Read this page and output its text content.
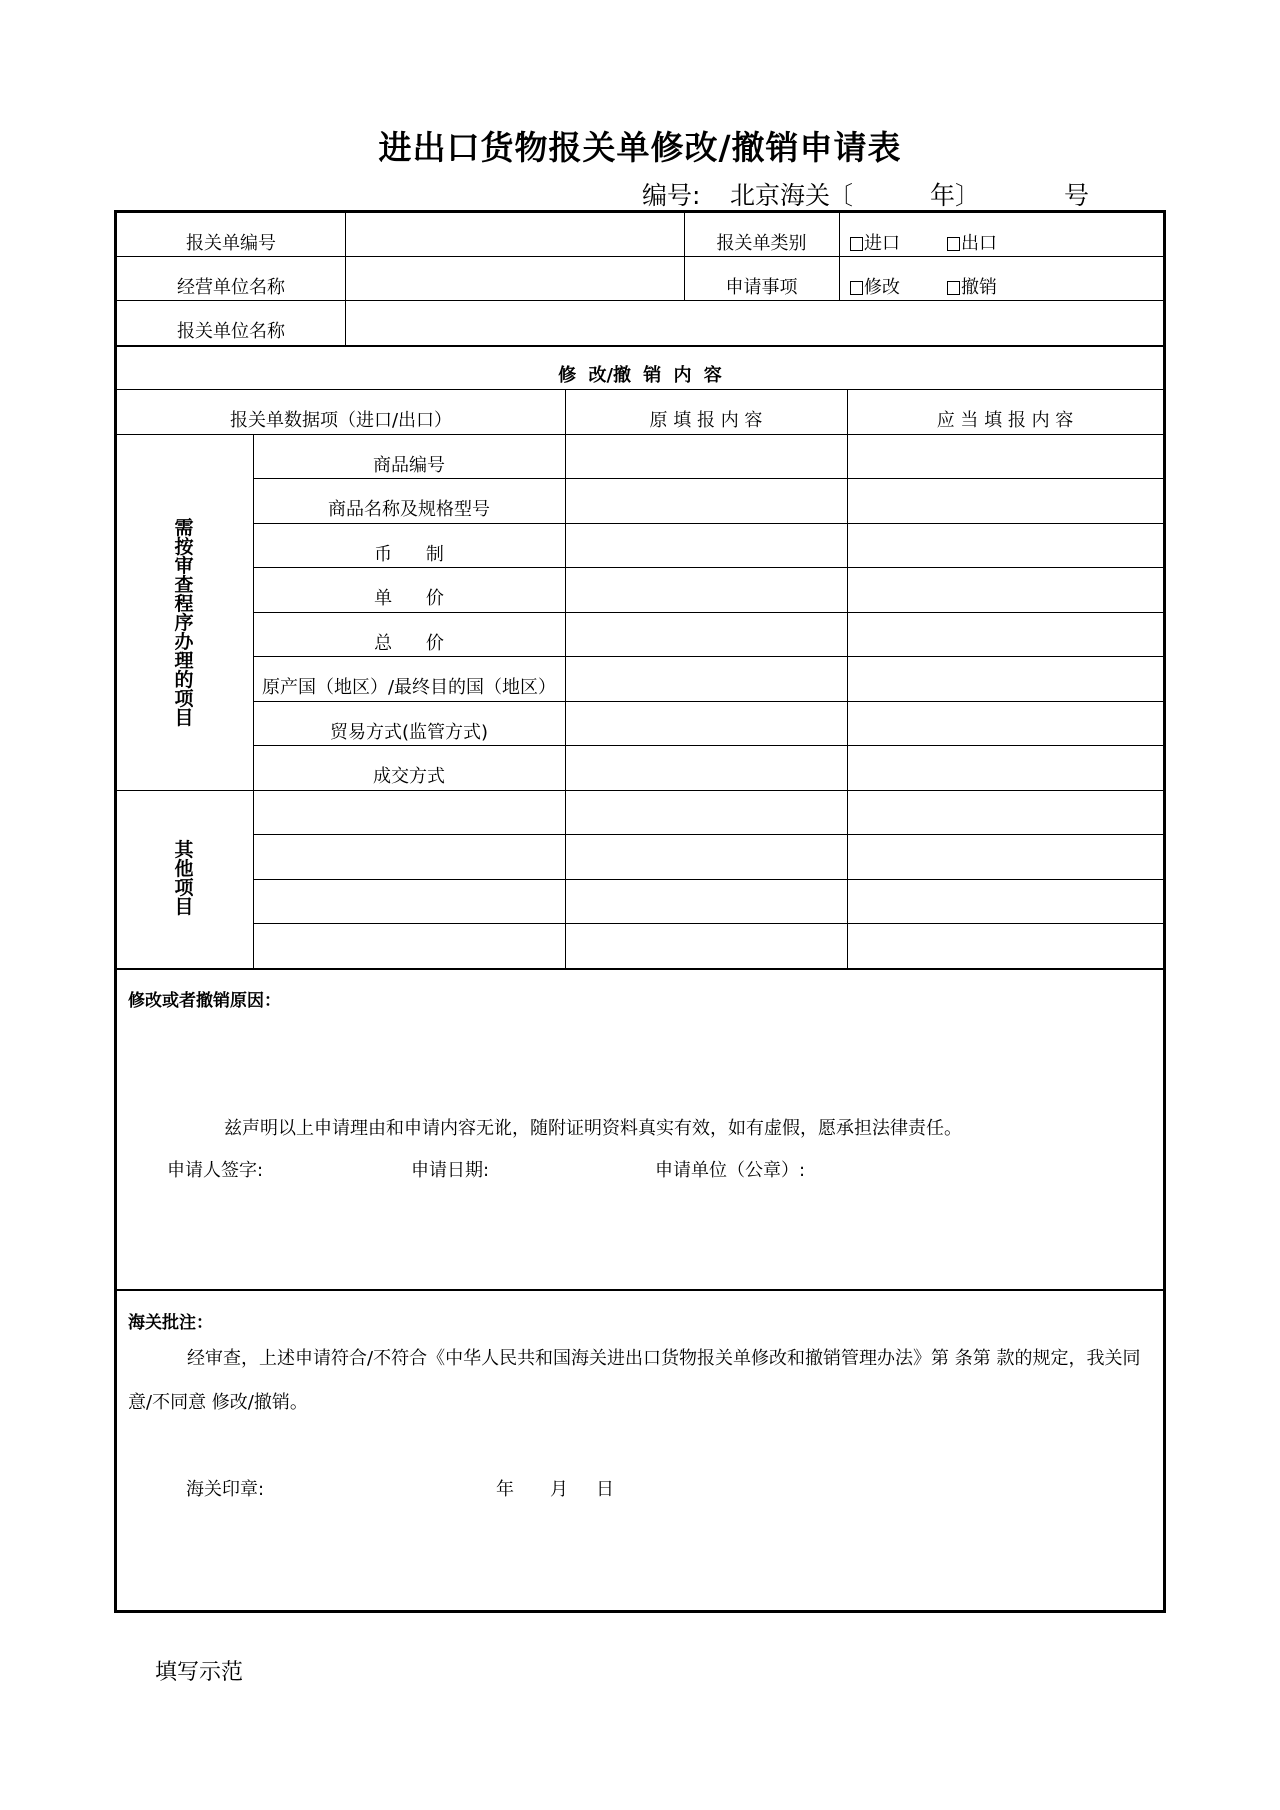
进出口货物报关单修改/撤销申请表

编号:

北京海关

〔

	年〕

	号

报关单编号	报关单类别	进口	出口
经营单位名称	申请事项	修改	撤销
报关单位名称
修 改/撤 销 内 容
报关单数据项（进口/出口）	原 填 报 内 容	应 当 填 报 内 容
需按审查程序办理的项目
商品编号
商品名称及规格型号
币 制
单 价
总 价
原产国（地区）/最终目的国（地区）
贸易方式(监管方式)
成交方式
其他项目
修改或者撤销原因：
兹声明以上申请理由和申请内容无讹，随附证明资料真实有效，如有虚假，愿承担法律责任。
申请人签字:	申请日期:	申请单位（公章）:
海关批注：
经审查，上述申请符合/不符合《中华人民共和国海关进出口货物报关单修改和撤销管理办法》第 条第 款的规定，我关同意/不同意 修改/撤销。
海关印章:	年 月 日
填写示范
